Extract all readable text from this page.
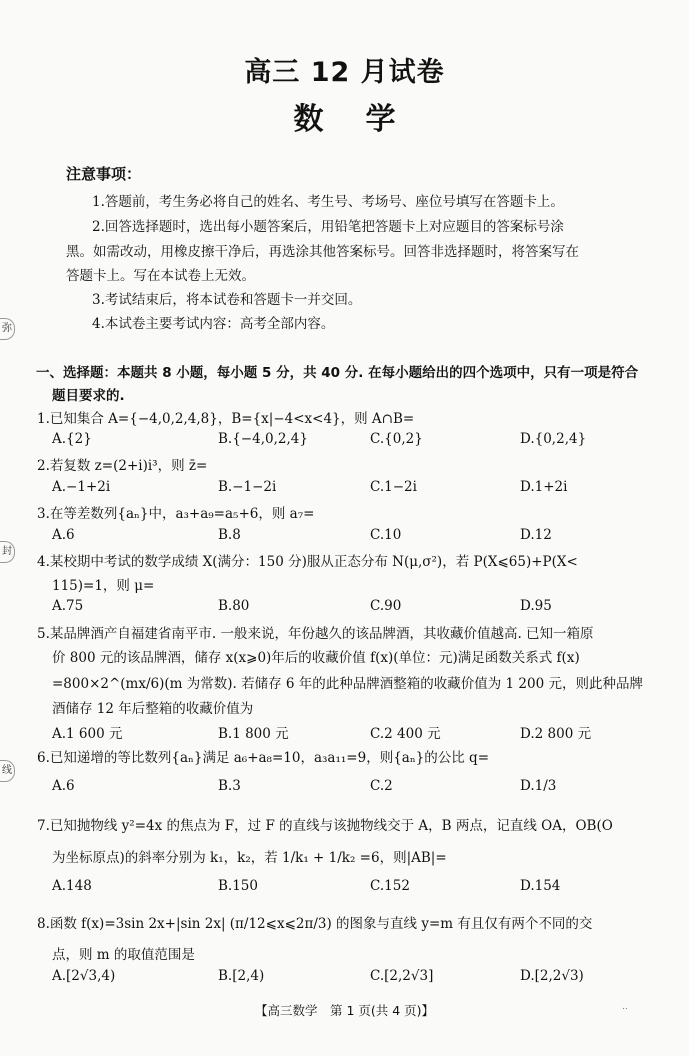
高三 12 月试卷
数学
注意事项：
1.答题前，考生务必将自己的姓名、考生号、考场号、座位号填写在答题卡上。
2.回答选择题时，选出每小题答案后，用铅笔把答题卡上对应题目的答案标号涂
黑。如需改动，用橡皮擦干净后，再选涂其他答案标号。回答非选择题时，将答案写在
答题卡上。写在本试卷上无效。
3.考试结束后，将本试卷和答题卡一并交回。
4.本试卷主要考试内容：高考全部内容。
弥
封
线
一、选择题：本题共 8 小题，每小题 5 分，共 40 分. 在每小题给出的四个选项中，只有一项是符合
题目要求的.
1.已知集合 A={−4,0,2,4,8}，B={x|−4<x<4}，则 A∩B=
A.{2}	B.{−4,0,2,4}	C.{0,2}	D.{0,2,4}
2.若复数 z=(2+i)i³，则 z̄=
A.−1+2i	B.−1−2i	C.1−2i	D.1+2i
3.在等差数列{aₙ}中，a₃+a₉=a₅+6，则 a₇=
A.6	B.8	C.10	D.12
4.某校期中考试的数学成绩 X(满分：150 分)服从正态分布 N(μ,σ²)，若 P(X⩽65)+P(X<
115)=1，则 μ=
A.75	B.80	C.90	D.95
5.某品牌酒产自福建省南平市. 一般来说，年份越久的该品牌酒，其收藏价值越高. 已知一箱原
价 800 元的该品牌酒，储存 x(x⩾0)年后的收藏价值 f(x)(单位：元)满足函数关系式 f(x)
=800×2^(mx/6)(m 为常数). 若储存 6 年的此种品牌酒整箱的收藏价值为 1 200 元，则此种品牌
酒储存 12 年后整箱的收藏价值为
A.1 600 元	B.1 800 元	C.2 400 元	D.2 800 元
6.已知递增的等比数列{aₙ}满足 a₆+a₈=10，a₃a₁₁=9，则{aₙ}的公比 q=
A.6	B.3	C.2	D.1/3
7.已知抛物线 y²=4x 的焦点为 F，过 F 的直线与该抛物线交于 A，B 两点，记直线 OA，OB(O
为坐标原点)的斜率分别为 k₁，k₂，若 1/k₁ + 1/k₂ =6，则|AB|=
A.148	B.150	C.152	D.154
8.函数 f(x)=3sin 2x+|sin 2x| (π/12⩽x⩽2π/3) 的图象与直线 y=m 有且仅有两个不同的交
点，则 m 的取值范围是
A.[2√3,4)	B.[2,4)	C.[2,2√3]	D.[2,2√3)
【高三数学　第 1 页(共 4 页)】	..
